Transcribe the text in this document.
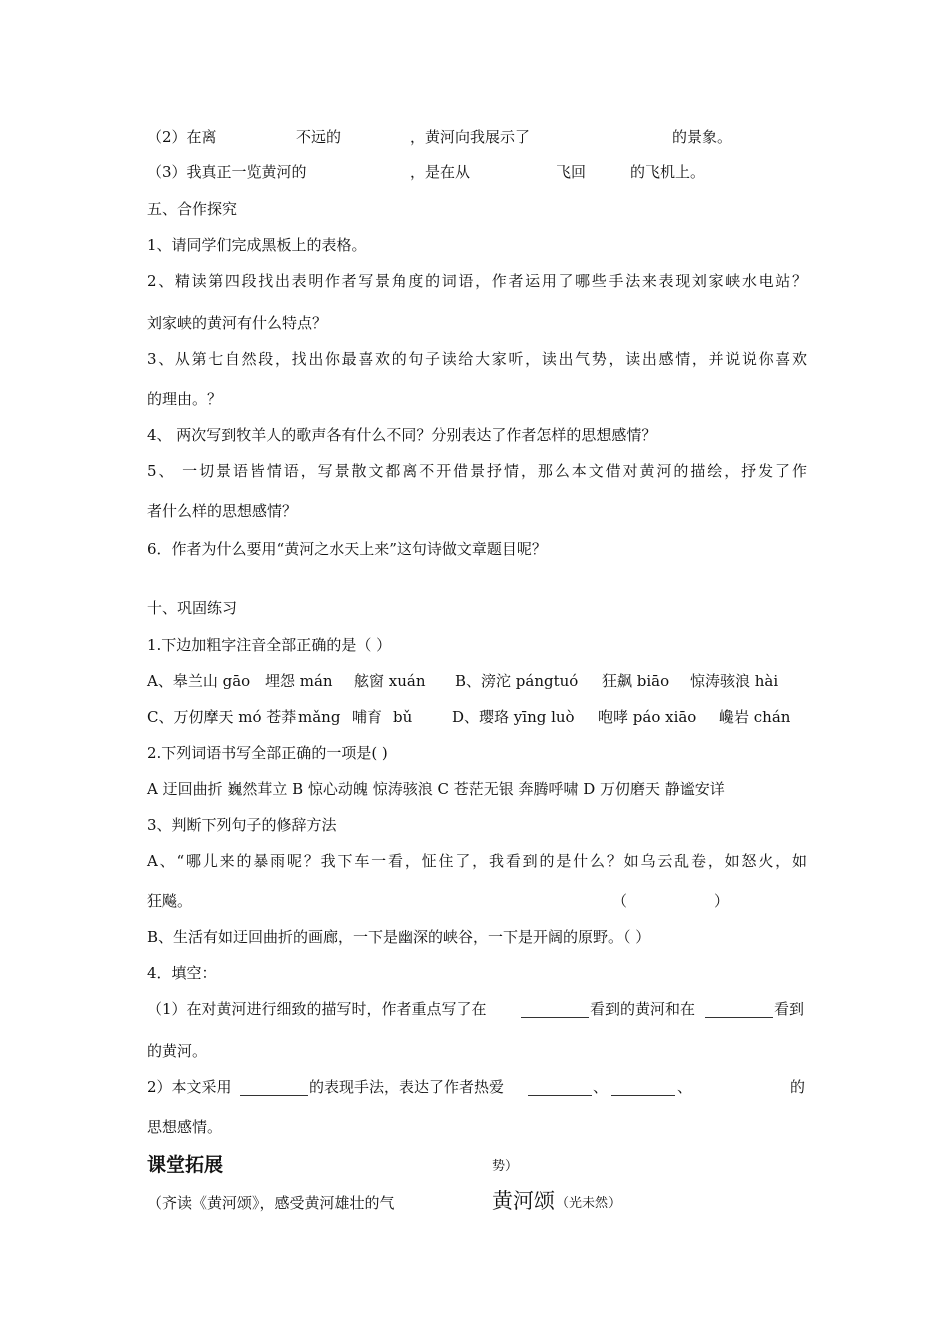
（2）在离	不远的	，黄河向我展示了	的景象。
（3）我真正一览黄河的	，是在从	飞回	的飞机上。
五、合作探究
1、请同学们完成黑板上的表格。
2、精读第四段找出表明作者写景角度的词语，作者运用了哪些手法来表现刘家峡水电站？
刘家峡的黄河有什么特点？
3、从第七自然段，找出你最喜欢的句子读给大家听，读出气势，读出感情，并说说你喜欢
的理由。？
4、 两次写到牧羊人的歌声各有什么不同？分别表达了作者怎样的思想感情？
5、 一切景语皆情语，写景散文都离不开借景抒情，那么本文借对黄河的描绘，抒发了作
者什么样的思想感情？
6．作者为什么要用“黄河之水天上来”这句诗做文章题目呢？
十、巩固练习
1.下边加粗字注音全部正确的是（ ）
A、皋兰山 gāo 埋怨 mán 舷窗 xuán B、滂沱 pángtuó 狂飙 biāo 惊涛骇浪 hài
C、万仞摩天 mó 苍莽 mǎng 哺育 bǔ	D、璎珞 yīng luò 咆哮 páo xiāo 巉岩 chán
2.下列词语书写全部正确的一项是( )
A 迂回曲折 巍然茸立 B 惊心动魄 惊涛骇浪 C 苍茫无银 奔腾呼啸 D 万仞磨天 静谧安详
3、判断下列句子的修辞方法
A、“哪儿来的暴雨呢？我下车一看，怔住了，我看到的是什么？如乌云乱卷，如怒火，如
狂飚。	（	）
B、生活有如迂回曲折的画廊，一下是幽深的峡谷，一下是开阔的原野。（ ）
4．填空：
（1）在对黄河进行细致的描写时，作者重点写了在	看到的黄河和在	看到
的黄河。
2）本文采用	的表现手法，表达了作者热爱	、	、	的
思想感情。
课堂拓展	势）
（齐读《黄河颂》，感受黄河雄壮的气	黄河颂 （光未然）
